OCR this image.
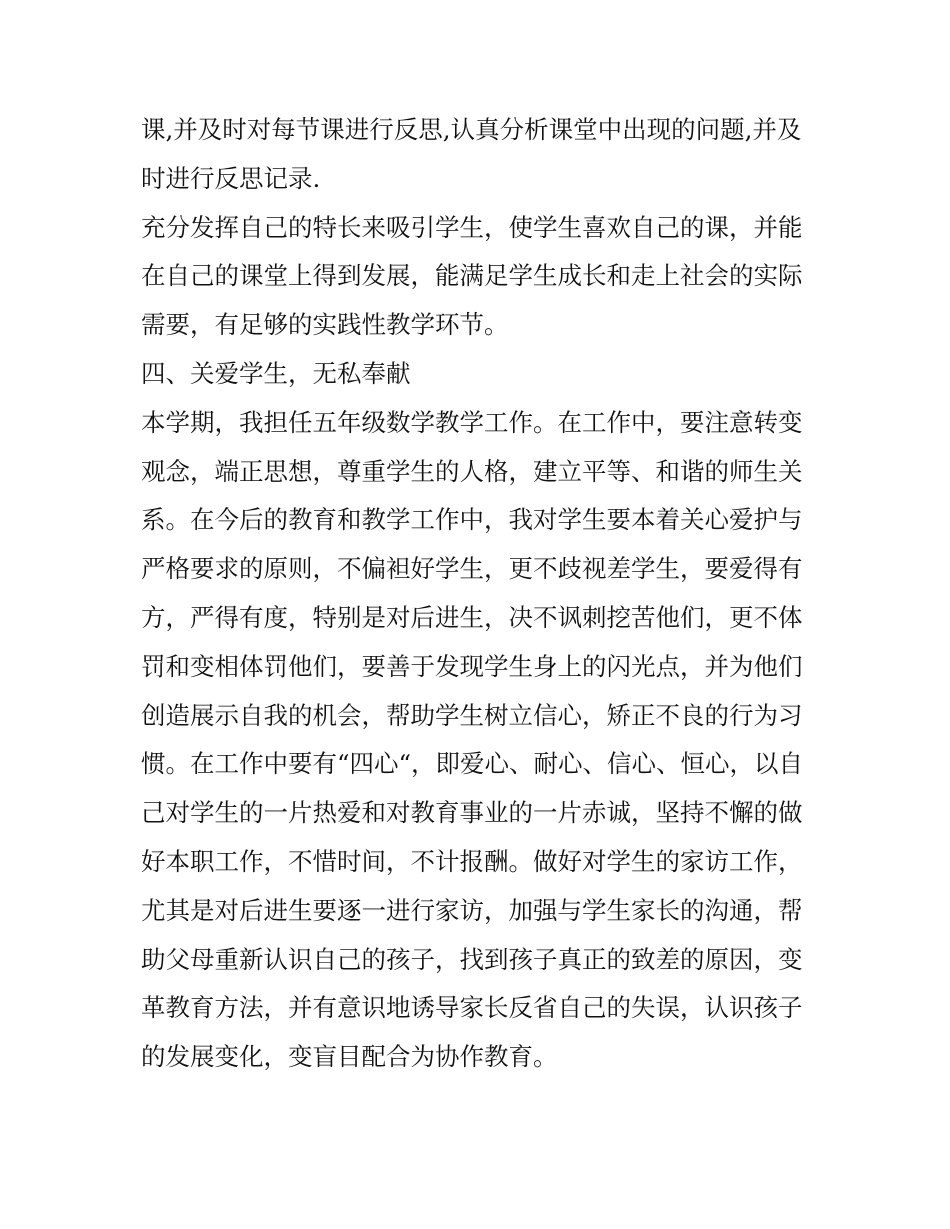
课,并及时对每节课进行反思,认真分析课堂中出现的问题,并及
时进行反思记录.
充分发挥自己的特长来吸引学生，使学生喜欢自己的课，并能
在自己的课堂上得到发展，能满足学生成长和走上社会的实际
需要，有足够的实践性教学环节。
四、关爱学生，无私奉献
本学期，我担任五年级数学教学工作。在工作中，要注意转变
观念，端正思想，尊重学生的人格，建立平等、和谐的师生关
系。在今后的教育和教学工作中，我对学生要本着关心爱护与
严格要求的原则，不偏袒好学生，更不歧视差学生，要爱得有
方，严得有度，特别是对后进生，决不讽刺挖苦他们，更不体
罚和变相体罚他们，要善于发现学生身上的闪光点，并为他们
创造展示自我的机会，帮助学生树立信心，矫正不良的行为习
惯。在工作中要有“四心“，即爱心、耐心、信心、恒心，以自
己对学生的一片热爱和对教育事业的一片赤诚，坚持不懈的做
好本职工作，不惜时间，不计报酬。做好对学生的家访工作，
尤其是对后进生要逐一进行家访，加强与学生家长的沟通，帮
助父母重新认识自己的孩子，找到孩子真正的致差的原因，变
革教育方法，并有意识地诱导家长反省自己的失误，认识孩子
的发展变化，变盲目配合为协作教育。
